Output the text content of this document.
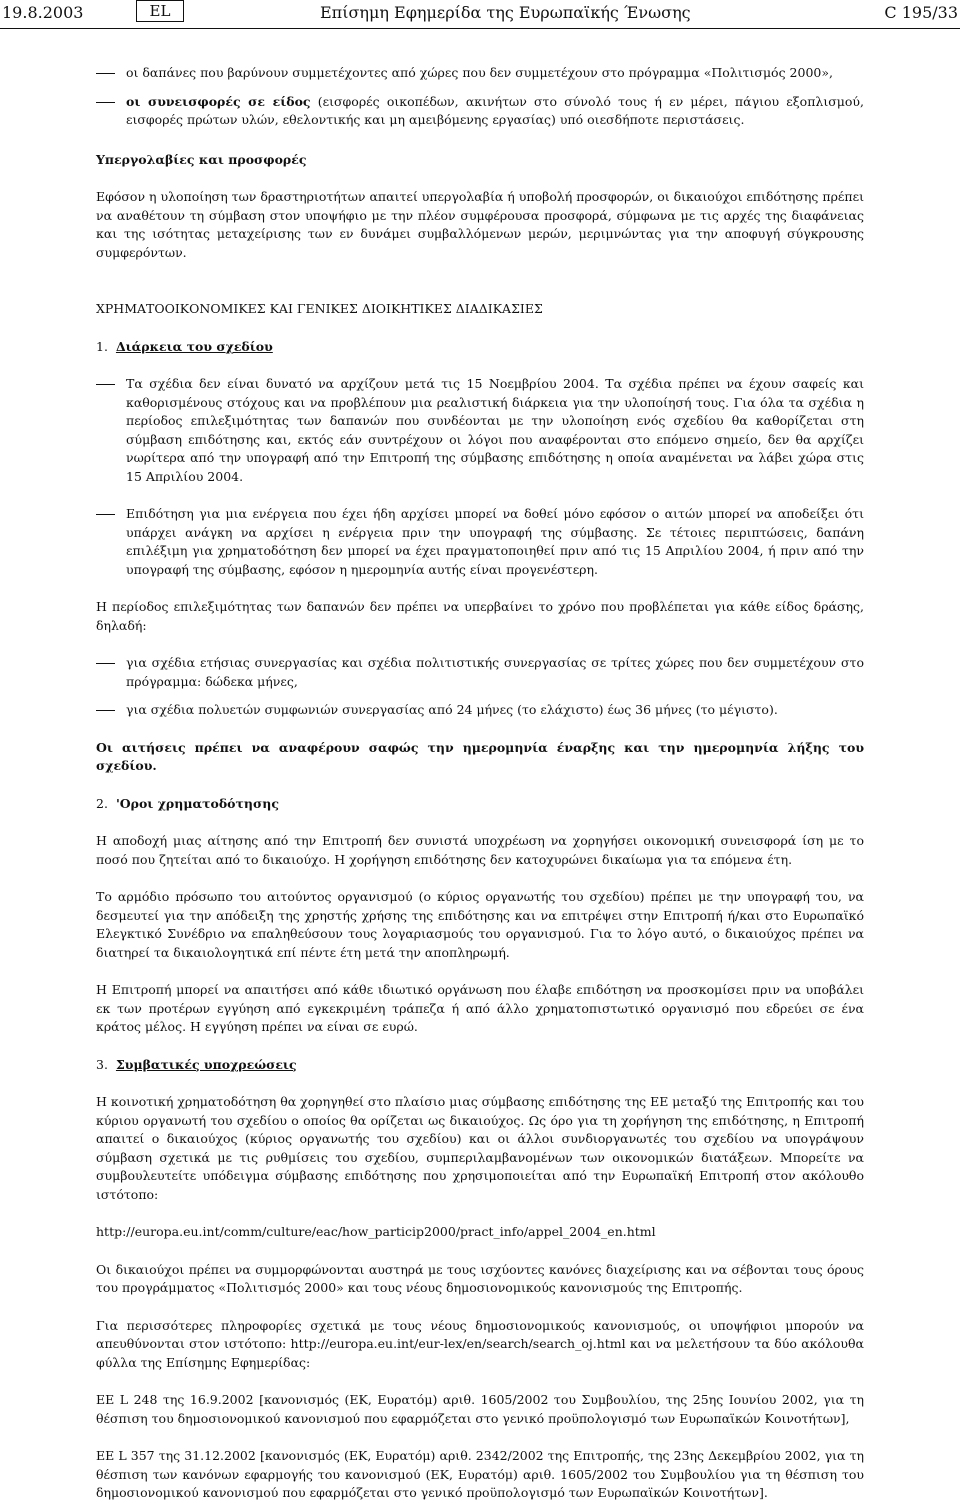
19.8.2003	EL	Επίσημη Εφημερίδα της Ευρωπαϊκής Ένωσης	C 195/33

οι δαπάνες που βαρύνουν συμμετέχοντες από χώρες που δεν συμμετέχουν στο πρόγραμμα «Πολιτισμός 2000»,

οι συνεισφορές σε είδος (εισφορές οικοπέδων, ακινήτων στο σύνολό τους ή εν μέρει, πάγιου εξοπλισμού, εισφορές πρώτων υλών, εθελοντικής και μη αμειβόμενης εργασίας) υπό οιεσδήποτε περιστάσεις.

Υπεργολαβίες και προσφορές

Εφόσον η υλοποίηση των δραστηριοτήτων απαιτεί υπεργολαβία ή υποβολή προσφορών, οι δικαιούχοι επιδότησης πρέπει να αναθέτουν τη σύμβαση στον υποψήφιο με την πλέον συμφέρουσα προσφορά, σύμφωνα με τις αρχές της διαφάνειας και της ισότητας μεταχείρισης των εν δυνάμει συμβαλλόμενων μερών, μεριμνώντας για την αποφυγή σύγκρουσης συμφερόντων.

ΧΡΗΜΑΤΟΟΙΚΟΝΟΜΙΚΕΣ ΚΑΙ ΓΕΝΙΚΕΣ ΔΙΟΙΚΗΤΙΚΕΣ ΔΙΑΔΙΚΑΣΙΕΣ

1. Διάρκεια του σχεδίου

Τα σχέδια δεν είναι δυνατό να αρχίζουν μετά τις 15 Νοεμβρίου 2004. Τα σχέδια πρέπει να έχουν σαφείς και καθορισμένους στόχους και να προβλέπουν μια ρεαλιστική διάρκεια για την υλοποίησή τους. Για όλα τα σχέδια η περίοδος επιλεξιμότητας των δαπανών που συνδέονται με την υλοποίηση ενός σχεδίου θα καθορίζεται στη σύμβαση επιδότησης και, εκτός εάν συντρέχουν οι λόγοι που αναφέρονται στο επόμενο σημείο, δεν θα αρχίζει νωρίτερα από την υπογραφή από την Επιτροπή της σύμβασης επιδότησης η οποία αναμένεται να λάβει χώρα στις 15 Απριλίου 2004.

Επιδότηση για μια ενέργεια που έχει ήδη αρχίσει μπορεί να δοθεί μόνο εφόσον ο αιτών μπορεί να αποδείξει ότι υπάρχει ανάγκη να αρχίσει η ενέργεια πριν την υπογραφή της σύμβασης. Σε τέτοιες περιπτώσεις, δαπάνη επιλέξιμη για χρηματοδότηση δεν μπορεί να έχει πραγματοποιηθεί πριν από τις 15 Απριλίου 2004, ή πριν από την υπογραφή της σύμβασης, εφόσον η ημερομηνία αυτής είναι προγενέστερη.

Η περίοδος επιλεξιμότητας των δαπανών δεν πρέπει να υπερβαίνει το χρόνο που προβλέπεται για κάθε είδος δράσης, δηλαδή:

για σχέδια ετήσιας συνεργασίας και σχέδια πολιτιστικής συνεργασίας σε τρίτες χώρες που δεν συμμετέχουν στο πρόγραμμα: δώδεκα μήνες,

για σχέδια πολυετών συμφωνιών συνεργασίας από 24 μήνες (το ελάχιστο) έως 36 μήνες (το μέγιστο).

Οι αιτήσεις πρέπει να αναφέρουν σαφώς την ημερομηνία έναρξης και την ημερομηνία λήξης του σχεδίου.

2. 'Οροι χρηματοδότησης

Η αποδοχή μιας αίτησης από την Επιτροπή δεν συνιστά υποχρέωση να χορηγήσει οικονομική συνεισφορά ίση με το ποσό που ζητείται από το δικαιούχο. Η χορήγηση επιδότησης δεν κατοχυρώνει δικαίωμα για τα επόμενα έτη.

Το αρμόδιο πρόσωπο του αιτούντος οργανισμού (ο κύριος οργανωτής του σχεδίου) πρέπει με την υπογραφή του, να δεσμευτεί για την απόδειξη της χρηστής χρήσης της επιδότησης και να επιτρέψει στην Επιτροπή ή/και στο Ευρωπαϊκό Ελεγκτικό Συνέδριο να επαληθεύσουν τους λογαριασμούς του οργανισμού. Για το λόγο αυτό, ο δικαιούχος πρέπει να διατηρεί τα δικαιολογητικά επί πέντε έτη μετά την αποπληρωμή.

Η Επιτροπή μπορεί να απαιτήσει από κάθε ιδιωτικό οργάνωση που έλαβε επιδότηση να προσκομίσει πριν να υποβάλει εκ των προτέρων εγγύηση από εγκεκριμένη τράπεζα ή από άλλο χρηματοπιστωτικό οργανισμό που εδρεύει σε ένα κράτος μέλος. Η εγγύηση πρέπει να είναι σε ευρώ.

3. Συμβατικές υποχρεώσεις

Η κοινοτική χρηματοδότηση θα χορηγηθεί στο πλαίσιο μιας σύμβασης επιδότησης της ΕΕ μεταξύ της Επιτροπής και του κύριου οργανωτή του σχεδίου ο οποίος θα ορίζεται ως δικαιούχος. Ως όρο για τη χορήγηση της επιδότησης, η Επιτροπή απαιτεί ο δικαιούχος (κύριος οργανωτής του σχεδίου) και οι άλλοι συνδιοργανωτές του σχεδίου να υπογράψουν σύμβαση σχετικά με τις ρυθμίσεις του σχεδίου, συμπεριλαμβανομένων των οικονομικών διατάξεων. Μπορείτε να συμβουλευτείτε υπόδειγμα σύμβασης επιδότησης που χρησιμοποιείται από την Ευρωπαϊκή Επιτροπή στον ακόλουθο ιστότοπο:

http://europa.eu.int/comm/culture/eac/how_particip2000/pract_info/appel_2004_en.html

Οι δικαιούχοι πρέπει να συμμορφώνονται αυστηρά με τους ισχύοντες κανόνες διαχείρισης και να σέβονται τους όρους του προγράμματος «Πολιτισμός 2000» και τους νέους δημοσιονομικούς κανονισμούς της Επιτροπής.

Για περισσότερες πληροφορίες σχετικά με τους νέους δημοσιονομικούς κανονισμούς, οι υποψήφιοι μπορούν να απευθύνονται στον ιστότοπο: http://europa.eu.int/eur-lex/en/search/search_oj.html και να μελετήσουν τα δύο ακόλουθα φύλλα της Επίσημης Εφημερίδας:

ΕΕ L 248 της 16.9.2002 [κανονισμός (ΕΚ, Ευρατόμ) αριθ. 1605/2002 του Συμβουλίου, της 25ης Ιουνίου 2002, για τη θέσπιση του δημοσιονομικού κανονισμού που εφαρμόζεται στο γενικό προϋπολογισμό των Ευρωπαϊκών Κοινοτήτων],

ΕΕ L 357 της 31.12.2002 [κανονισμός (ΕΚ, Ευρατόμ) αριθ. 2342/2002 της Επιτροπής, της 23ης Δεκεμβρίου 2002, για τη θέσπιση των κανόνων εφαρμογής του κανονισμού (ΕΚ, Ευρατόμ) αριθ. 1605/2002 του Συμβουλίου για τη θέσπιση του δημοσιονομικού κανονισμού που εφαρμόζεται στο γενικό προϋπολογισμό των Ευρωπαϊκών Κοινοτήτων].
